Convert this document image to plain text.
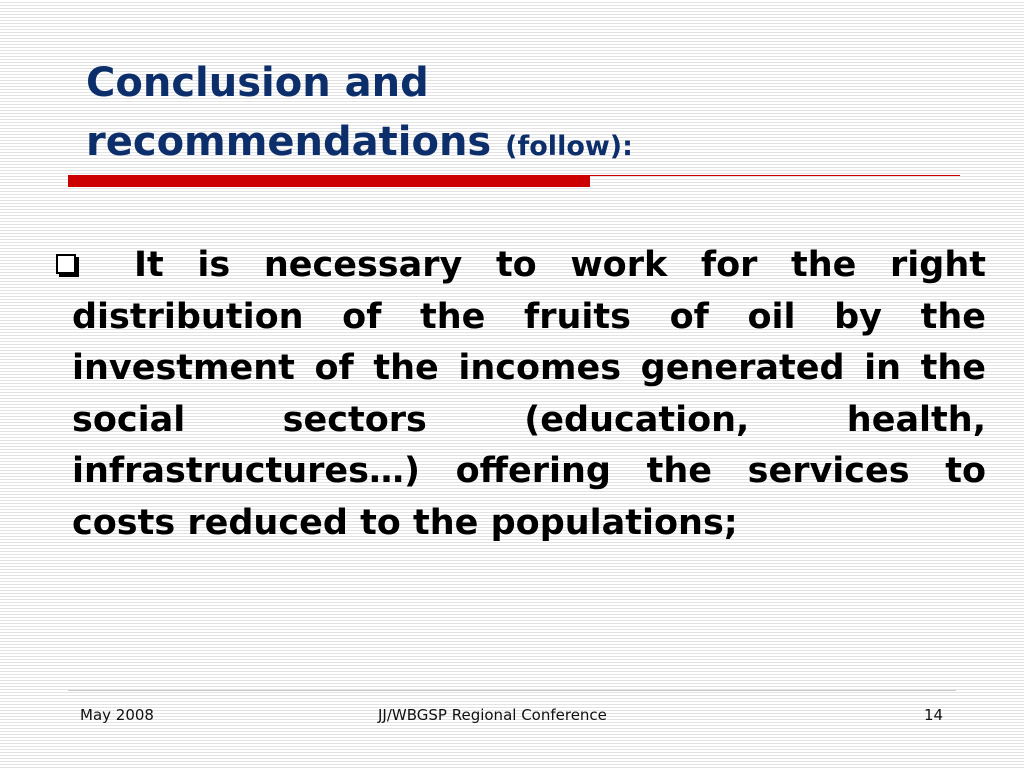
Conclusion and
recommendations (follow):

It is necessary to work for the right distribution of the fruits of oil by the investment of the incomes generated in the social sectors (education, health, infrastructures…) offering the services to costs reduced to the populations;

May 2008	JJ/WBGSP Regional Conference	14
